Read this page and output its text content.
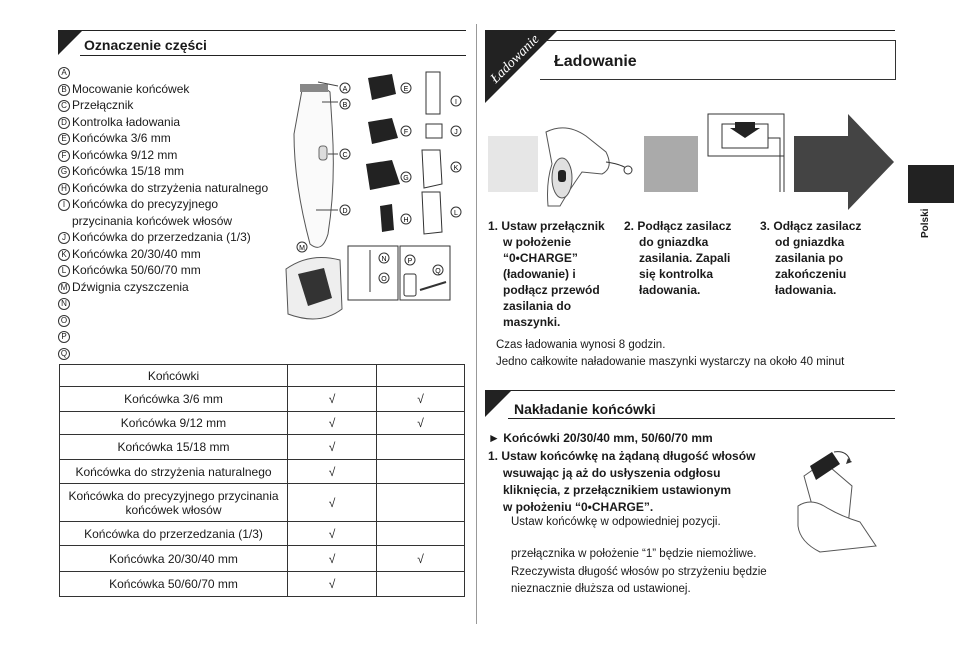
Oznaczenie części
A
B Mocowanie końcówek
C Przełącznik
D Kontrolka ładowania
E Końcówka 3/6 mm
F Końcówka 9/12 mm
G Końcówka 15/18 mm
H Końcówka do strzyżenia naturalnego
I Końcówka do precyzyjnego
przycinania końcówek włosów
J Końcówka do przerzedzania (1/3)
K Końcówka 20/30/40 mm
L Końcówka 50/60/70 mm
M Dźwignia czyszczenia
N
O
P
Q
A
B
C
D
E
F
G
H
I
J
K
L
M
N
O
P
Q
Końcówki		
Końcówka 3/6 mm	√	√
Końcówka 9/12 mm	√	√
Końcówka 15/18 mm	√	
Końcówka do strzyżenia naturalnego	√	
Końcówka do precyzyjnego przycinania końcówek włosów	√	
Końcówka do przerzedzania (1/3)	√	
Końcówka 20/30/40 mm	√	√
Końcówka 50/60/70 mm	√	
Ładowanie Ładowanie
1. Ustaw przełącznik
w położenie
“0•CHARGE”
(ładowanie) i
podłącz przewód
zasilania do
maszynki.
2. Podłącz zasilacz
do gniazdka
zasilania. Zapali
się kontrolka
ładowania.
3. Odłącz zasilacz
od gniazdka
zasilania po
zakończeniu
ładowania.
Czas ładowania wynosi 8 godzin.
Jedno całkowite naładowanie maszynki wystarczy na około 40 minut
Nakładanie końcówki
► Końcówki 20/30/40 mm, 50/60/70 mm
1. Ustaw końcówkę na żądaną długość włosów
wsuwając ją aż do usłyszenia odgłosu
kliknięcia, z przełącznikiem ustawionym
w położeniu “0•CHARGE”.
Ustaw końcówkę w odpowiedniej pozycji.
przełącznika w położenie “1” będzie niemożliwe.
Rzeczywista długość włosów po strzyżeniu będzie
nieznacznie dłuższa od ustawionej.
Polski
